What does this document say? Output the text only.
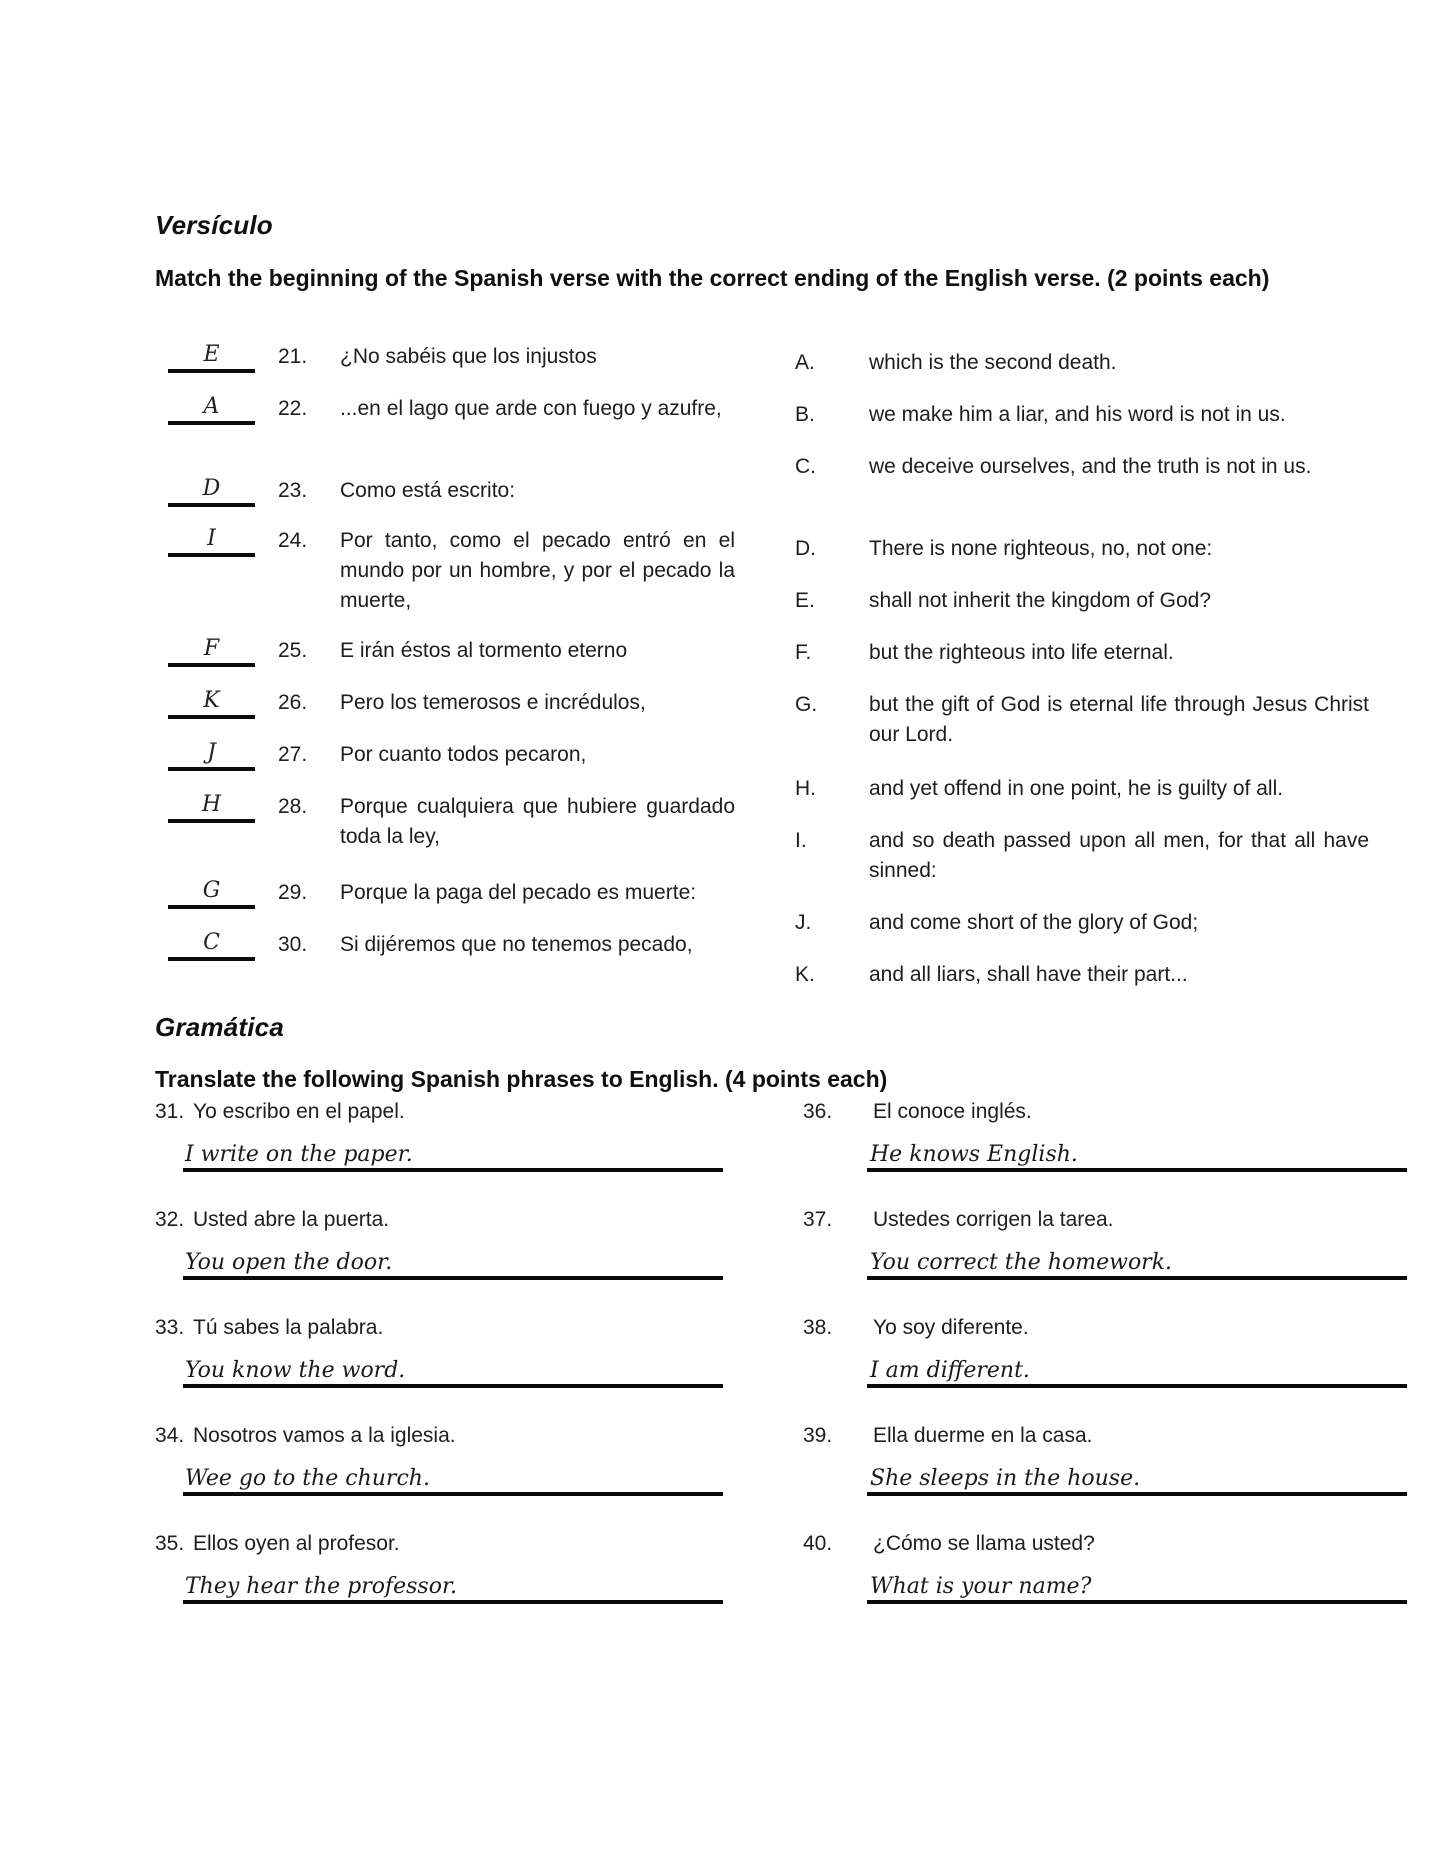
Versículo
Match the beginning of the Spanish verse with the correct ending of the English verse. (2 points each)
E	21.	¿No sabéis que los injustos
A	22.	...en el lago que arde con fuego y azufre,
D	23.	Como está escrito:
I	24.	Por tanto, como el pecado entró en el mundo por un hombre, y por el pecado la muerte,
F	25.	E irán éstos al tormento eterno
K	26.	Pero los temerosos e incrédulos,
J	27.	Por cuanto todos pecaron,
H	28.	Porque cualquiera que hubiere guardado toda la ley,
G	29.	Porque la paga del pecado es muerte:
C	30.	Si dijéremos que no tenemos pecado,
A.	which is the second death.
B.	we make him a liar, and his word is not in us.
C.	we deceive ourselves, and the truth is not in us.
D.	There is none righteous, no, not one:
E.	shall not inherit the kingdom of God?
F.	but the righteous into life eternal.
G.	but the gift of God is eternal life through Jesus Christ our Lord.
H.	and yet offend in one point, he is guilty of all.
I.	and so death passed upon all men, for that all have sinned:
J.	and come short of the glory of God;
K.	and all liars, shall have their part...
Gramática
Translate the following Spanish phrases to English. (4 points each)
31. Yo escribo en el papel.
I write on the paper.
32. Usted abre la puerta.
You open the door.
33. Tú sabes la palabra.
You know the word.
34. Nosotros vamos a la iglesia.
Wee go to the church.
35. Ellos oyen al profesor.
They hear the professor.
36.	El conoce inglés.
He knows English.
37.	Ustedes corrigen la tarea.
You correct the homework.
38.	Yo soy diferente.
I am different.
39.	Ella duerme en la casa.
She sleeps in the house.
40.	¿Cómo se llama usted?
What is your name?
